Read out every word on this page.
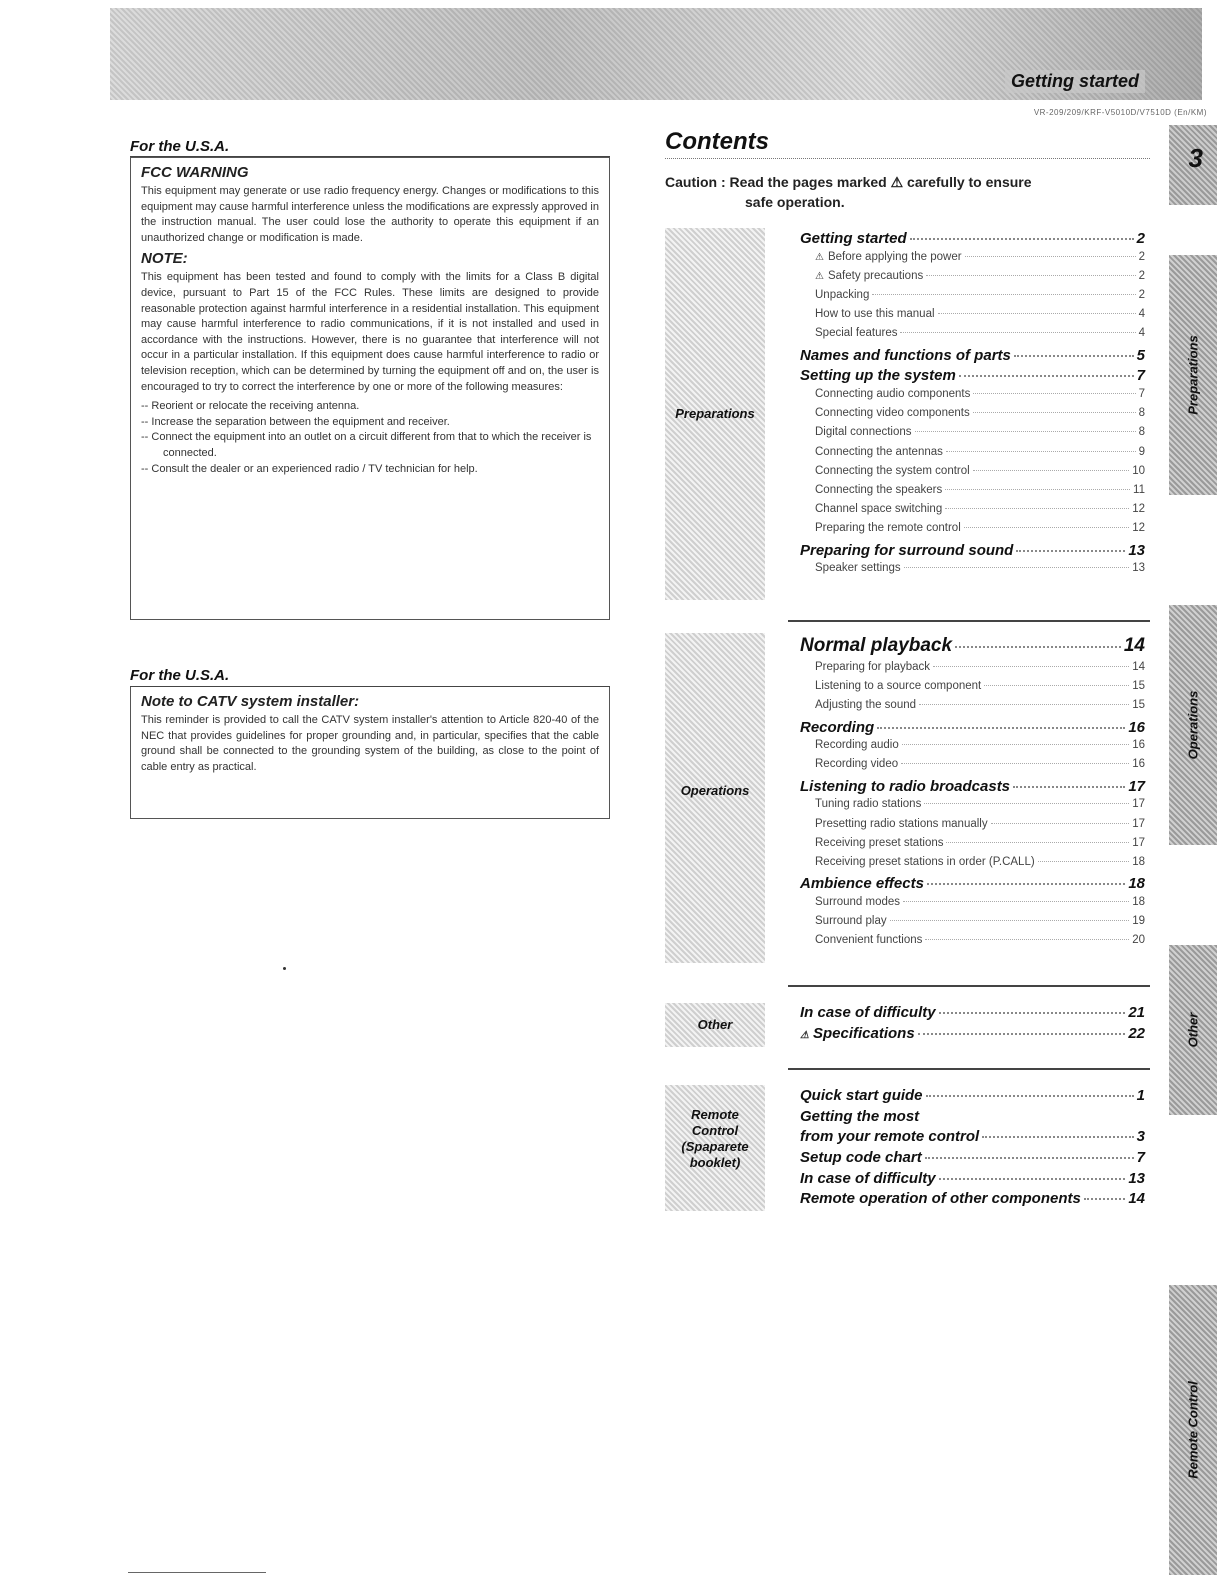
Getting started
VR-209/209/KRF-V5010D/V7510D (En/KM)
3
Preparations
Operations
Other
Remote Control
For the U.S.A.
FCC WARNING

This equipment may generate or use radio frequency energy. Changes or modifications to this equipment may cause harmful interference unless the modifications are expressly approved in the instruction manual. The user could lose the authority to operate this equipment if an unauthorized change or modification is made.

NOTE:

This equipment has been tested and found to comply with the limits for a Class B digital device, pursuant to Part 15 of the FCC Rules. These limits are designed to provide reasonable protection against harmful interference in a residential installation. This equipment may cause harmful interference to radio communications, if it is not installed and used in accordance with the instructions. However, there is no guarantee that interference will not occur in a particular installation. If this equipment does cause harmful interference to radio or television reception, which can be determined by turning the equipment off and on, the user is encouraged to try to correct the interference by one or more of the following measures:

-- Reorient or relocate the receiving antenna.
-- Increase the separation between the equipment and receiver.
-- Connect the equipment into an outlet on a circuit different from that to which the receiver is connected.
-- Consult the dealer or an experienced radio / TV technician for help.
For the U.S.A.
Note to CATV system installer:

This reminder is provided to call the CATV system installer's attention to Article 820-40 of the NEC that provides guidelines for proper grounding and, in particular, specifies that the cable ground shall be connected to the grounding system of the building, as close to the point of cable entry as practical.

Contents
Caution : Read the pages marked ⚠ carefully to ensure
safe operation.
Preparations
Getting started	2
⚠ Before applying the power	2
⚠ Safety precautions	2
Unpacking	2
How to use this manual	4
Special features	4
Names and functions of parts	5
Setting up the system	7
Connecting audio components	7
Connecting video components	8
Digital connections	8
Connecting the antennas	9
Connecting the system control	10
Connecting the speakers	11
Channel space switching	12
Preparing the remote control	12
Preparing for surround sound	13
Speaker settings	13
Operations
Normal playback	14
Preparing for playback	14
Listening to a source component	15
Adjusting the sound	15
Recording	16
Recording audio	16
Recording video	16
Listening to radio broadcasts	17
Tuning radio stations	17
Presetting radio stations manually	17
Receiving preset stations	17
Receiving preset stations in order (P.CALL)	18
Ambience effects	18
Surround modes	18
Surround play	19
Convenient functions	20
Other
In case of difficulty	21
⚠ Specifications	22
Remote Control (Spaparete booklet)
Quick start guide	1
Getting the most
from your remote control	3
Setup code chart	7
In case of difficulty	13
Remote operation of other components	14
